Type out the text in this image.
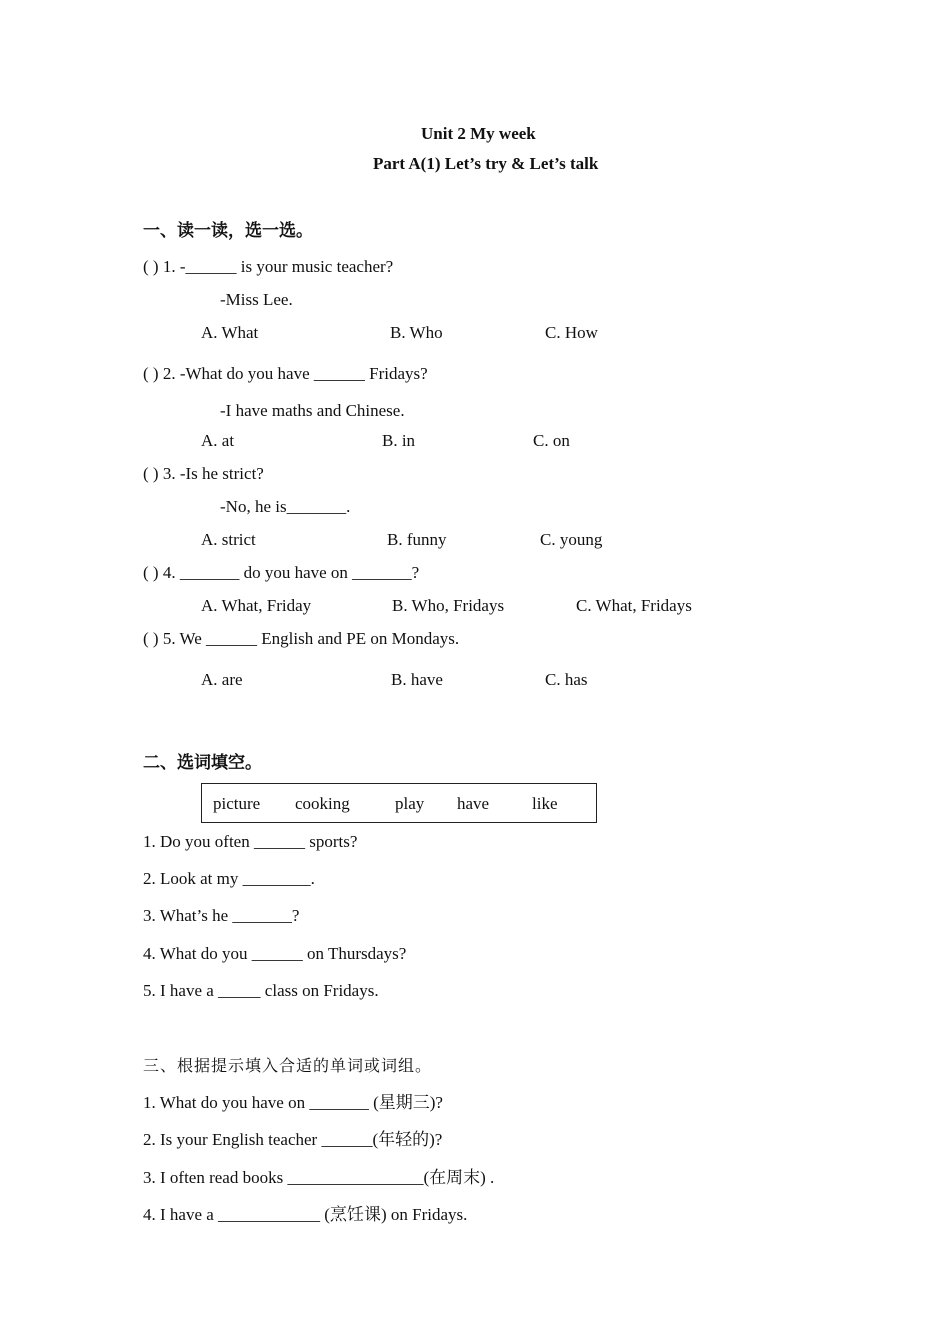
Unit 2 My week
Part A(1) Let’s try & Let’s talk
一、读一读，选一选。
( ) 1. -______ is your music teacher?
-Miss Lee.
A. What	B. Who	C. How
( ) 2. -What do you have ______ Fridays?
-I have maths and Chinese.
A. at	B. in	C. on
( ) 3. -Is he strict?
-No, he is_______.
A. strict	B. funny	C. young
( ) 4. _______ do you have on _______?
A. What, Friday	B. Who, Fridays	C. What, Fridays
( ) 5. We ______ English and PE on Mondays.
A. are	B. have	C. has
二、选词填空。
picture cooking	play have	like
1. Do you often ______ sports?
2. Look at my ________.
3. What’s he _______?
4. What do you ______ on Thursdays?
5. I have a _____ class on Fridays.
三、根据提示填入合适的单词或词组。
1. What do you have on _______ (星期三)?
2. Is your English teacher ______(年轻的)?
3. I often read books ________________(在周末) .
4. I have a ____________ (烹饪课) on Fridays.
